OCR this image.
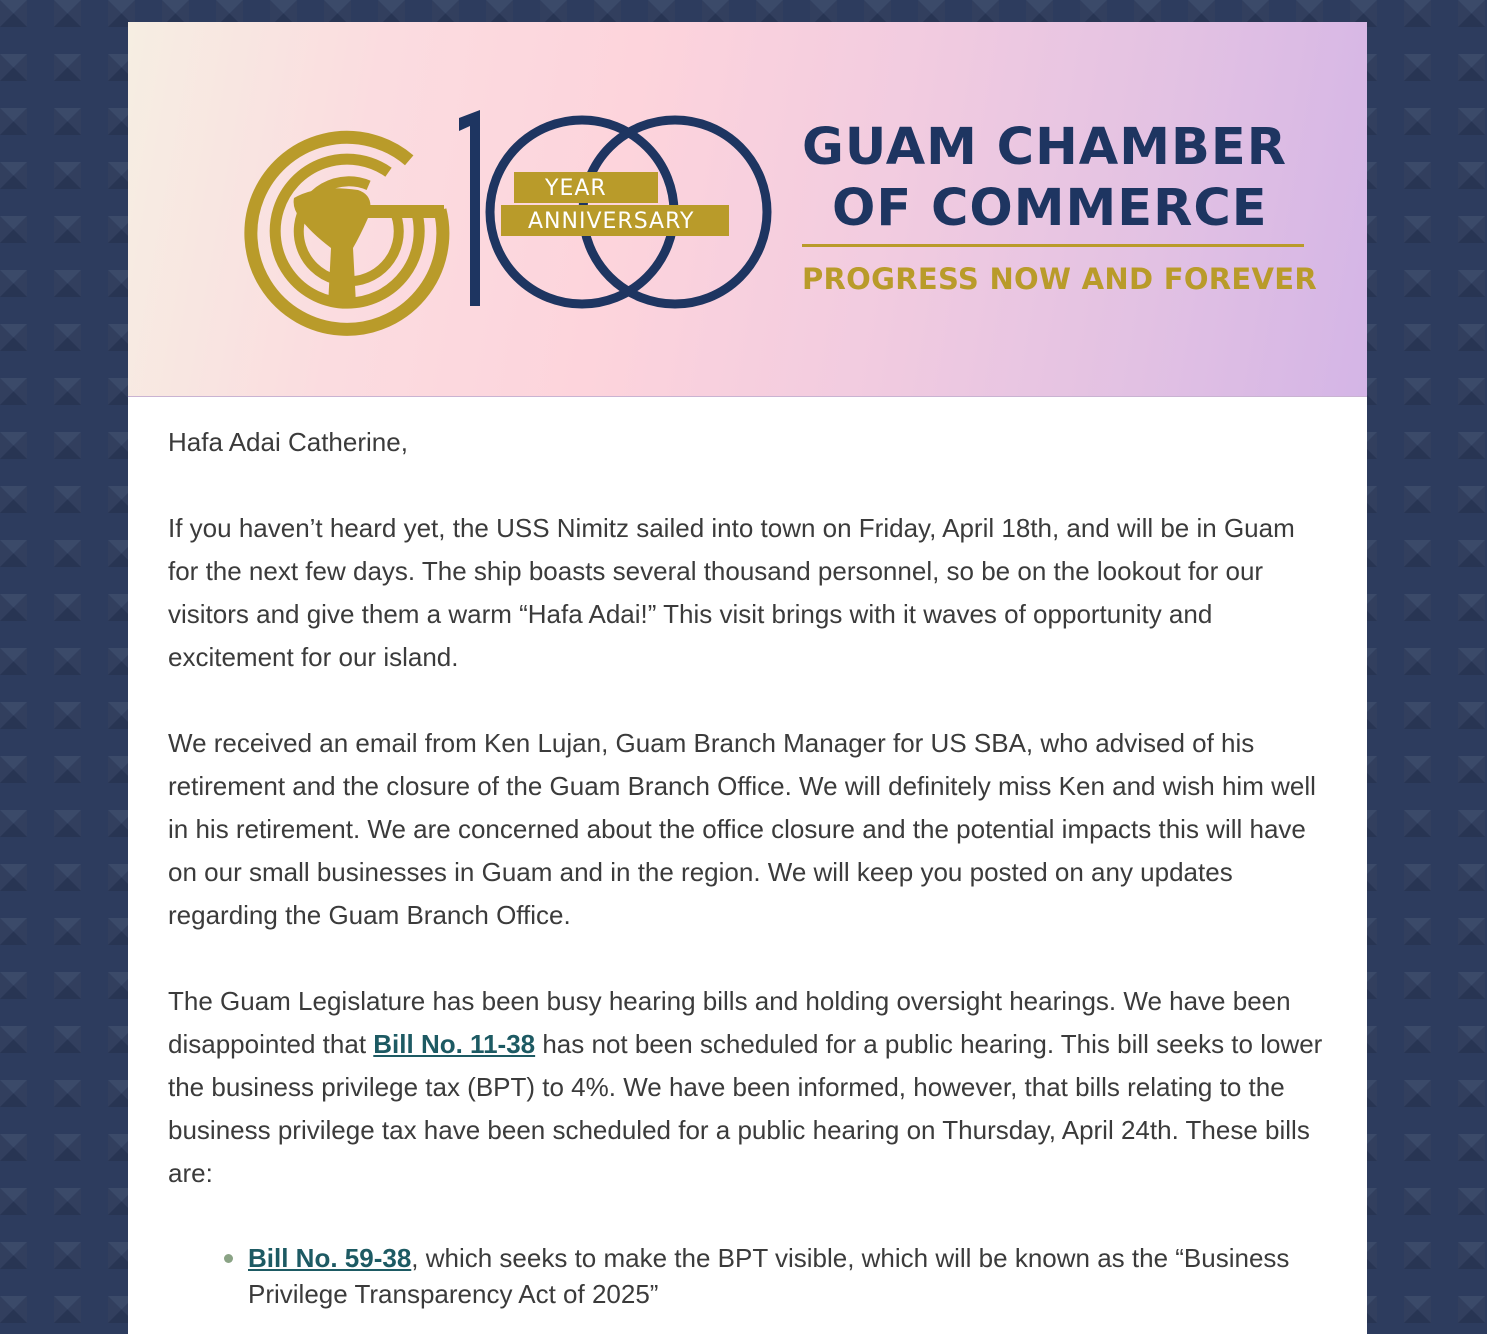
YEAR
ANNIVERSARY
GUAM CHAMBER
OF COMMERCE
PROGRESS NOW AND FOREVER

Hafa Adai Catherine,

If you haven’t heard yet, the USS Nimitz sailed into town on Friday, April 18th, and will be in Guam for the next few days. The ship boasts several thousand personnel, so be on the lookout for our visitors and give them a warm “Hafa Adai!” This visit brings with it waves of opportunity and excitement for our island.

We received an email from Ken Lujan, Guam Branch Manager for US SBA, who advised of his retirement and the closure of the Guam Branch Office. We will definitely miss Ken and wish him well in his retirement. We are concerned about the office closure and the potential impacts this will have on our small businesses in Guam and in the region. We will keep you posted on any updates regarding the Guam Branch Office.

The Guam Legislature has been busy hearing bills and holding oversight hearings. We have been disappointed that Bill No. 11-38 has not been scheduled for a public hearing. This bill seeks to lower the business privilege tax (BPT) to 4%. We have been informed, however, that bills relating to the business privilege tax have been scheduled for a public hearing on Thursday, April 24th. These bills are:

Bill No. 59-38, which seeks to make the BPT visible, which will be known as the “Business Privilege Transparency Act of 2025”
